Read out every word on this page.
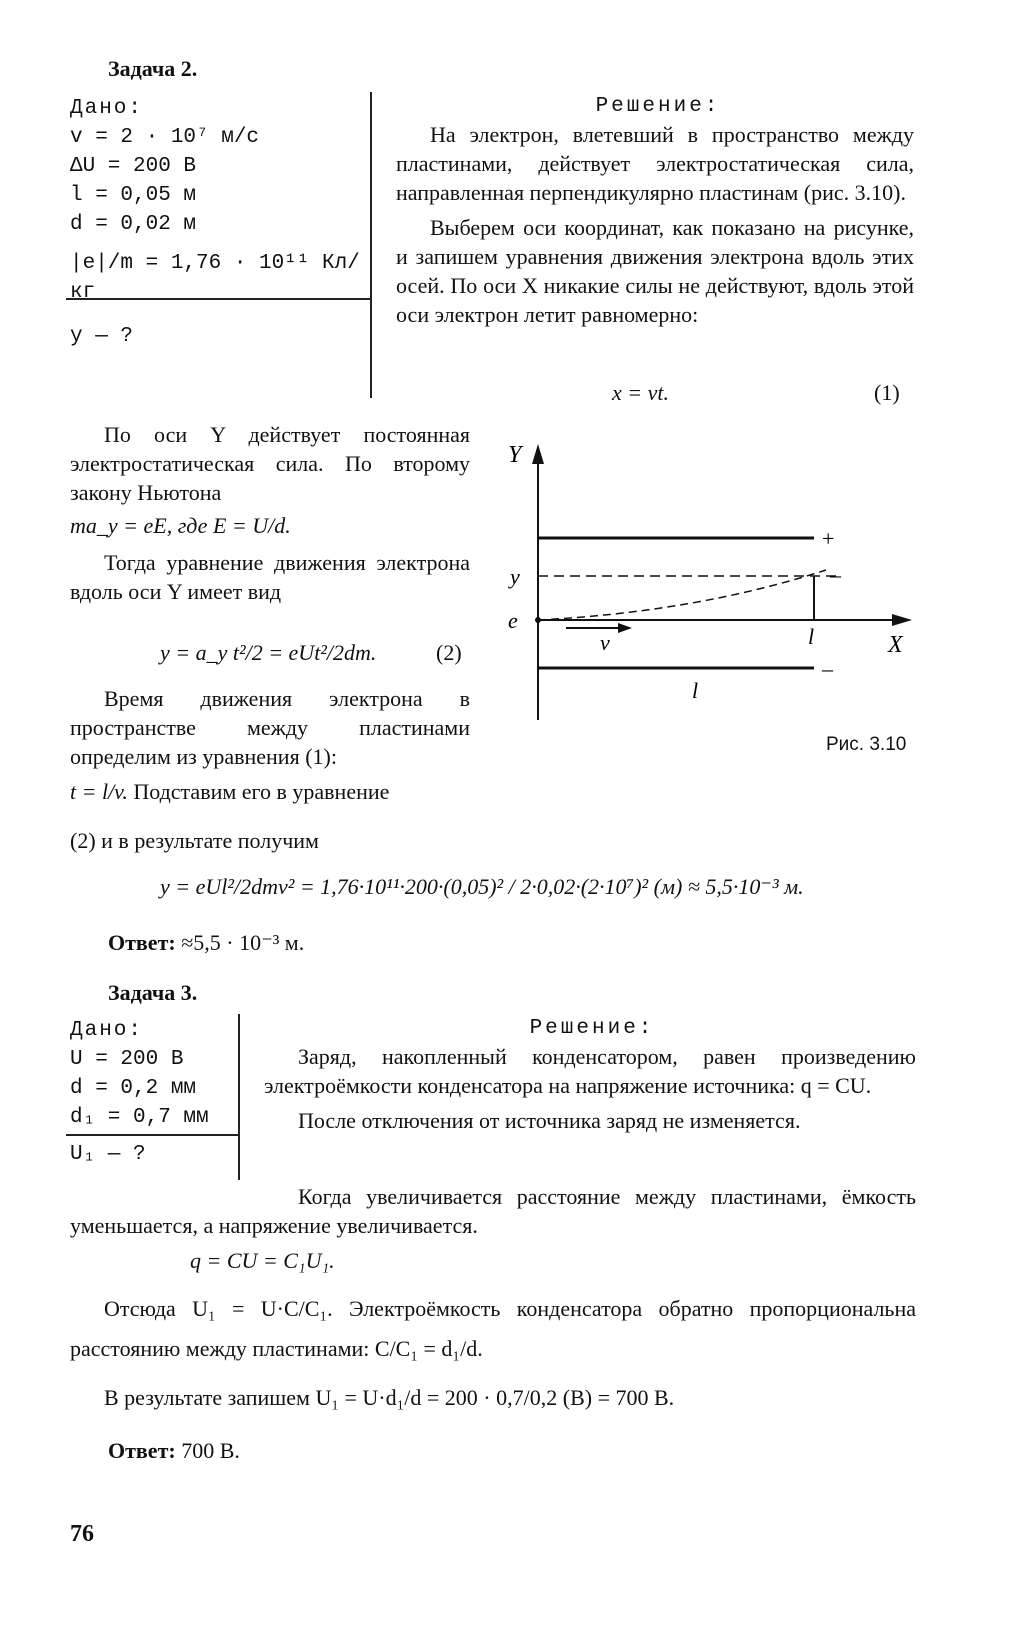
Задача 2.
Дано:
v = 2 · 10⁷ м/с
ΔU = 200 В
l = 0,05 м
d = 0,02 м
|e|/m = 1,76 · 10¹¹ Кл/кг
y — ?
Решение:

На электрон, влетевший в пространство между пластинами, действует электростатическая сила, направленная перпендикулярно пластинам (рис. 3.10).

Выберем оси координат, как показано на рисунке, и запишем уравнения движения электрона вдоль этих осей. По оси X никакие силы не действуют, вдоль этой оси электрон летит равномерно:

x = vt.	(1)

По оси Y действует постоянная электростатическая сила. По второму закону Ньютона

ma_y = eE, где E = U/d.

Тогда уравнение движения электрона вдоль оси Y имеет вид

y = a_y t²/2 = eUt²/2dm.	(2)

Время движения электрона в пространстве между пластинами определим из уравнения (1):

t = l/v. Подставим его в уравнение

(2) и в результате получим
y = eUl²/2dmv² = 1,76·10¹¹·200·(0,05)² / 2·0,02·(2·10⁷)² (м) ≈ 5,5·10⁻³ м.
Ответ: ≈5,5 · 10⁻³ м.
Y
X
+
–
–
y
e
v	l
l
Рис. 3.10
Задача 3.
Дано:
U = 200 В
d = 0,2 мм
d₁ = 0,7 мм
U₁ — ?
Решение:

Заряд, накопленный конденсатором, равен произведению электроёмкости конденсатора на напряжение источника: q = CU.

После отключения от источника заряд не изменяется.

Когда увеличивается расстояние между пластинами, ёмкость уменьшается, а напряжение увеличивается.

q = CU = C₁U₁.

Отсюда U₁ = U·C/C₁. Электроёмкость конденсатора обратно пропорциональна расстоянию между пластинами: C/C₁ = d₁/d.

В результате запишем U₁ = U·d₁/d = 200 · 0,7/0,2 (В) = 700 В.

Ответ: 700 В.
76
